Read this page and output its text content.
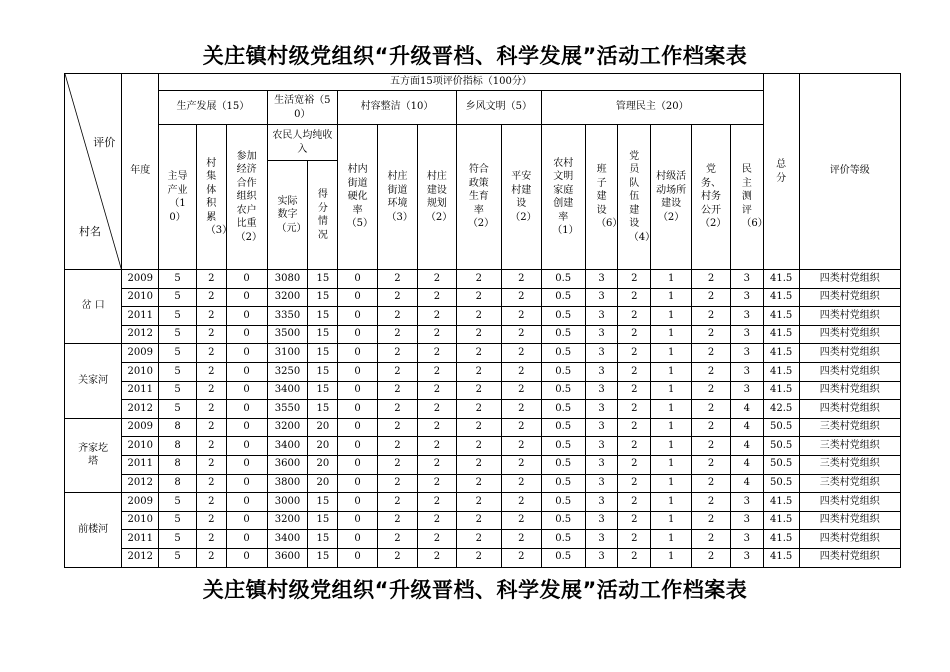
关庄镇村级党组织“升级晋档、科学发展”活动工作档案表
评价
村名	年度	五方面15项评价指标（100分）																总分	评价等级
		生产发展（15）			生活宽裕（50）		村容整洁（10）			乡风文明（5）		管理民主（20）							

		主导产业（10）	村集体积累（3）	参加经济合作组织农户比重（2）	农民人均纯收入		村内街道硬化率（5）	村庄街道环境（3）	村庄建设规划（2）	符合政策生育率（2）	平安村建设（2）	农村文明家庭创建率（1）	班子建设（6）	党员队伍建设（4）	村级活动场所建设（2）	党务、村务公开（2）	民主测评（6）		

					实际数字（元）	得分情况													

岔 口	2009	5	2	0	3080	15	0	2	2	2	2	0.5	3	2	1	2	3	41.5	四类村党组织
	2010	5	2	0	3200	15	0	2	2	2	2	0.5	3	2	1	2	3	41.5	四类村党组织
	2011	5	2	0	3350	15	0	2	2	2	2	0.5	3	2	1	2	3	41.5	四类村党组织
	2012	5	2	0	3500	15	0	2	2	2	2	0.5	3	2	1	2	3	41.5	四类村党组织
关家河	2009	5	2	0	3100	15	0	2	2	2	2	0.5	3	2	1	2	3	41.5	四类村党组织
	2010	5	2	0	3250	15	0	2	2	2	2	0.5	3	2	1	2	3	41.5	四类村党组织
	2011	5	2	0	3400	15	0	2	2	2	2	0.5	3	2	1	2	3	41.5	四类村党组织
	2012	5	2	0	3550	15	0	2	2	2	2	0.5	3	2	1	2	4	42.5	四类村党组织

齐家圪塔	2009	8	2	0	3200	20	0	2	2	2	2	0.5	3	2	1	2	4	50.5	三类村党组织
	2010	8	2	0	3400	20	0	2	2	2	2	0.5	3	2	1	2	4	50.5	三类村党组织
	2011	8	2	0	3600	20	0	2	2	2	2	0.5	3	2	1	2	4	50.5	三类村党组织
	2012	8	2	0	3800	20	0	2	2	2	2	0.5	3	2	1	2	4	50.5	三类村党组织
前楼河	2009	5	2	0	3000	15	0	2	2	2	2	0.5	3	2	1	2	3	41.5	四类村党组织
	2010	5	2	0	3200	15	0	2	2	2	2	0.5	3	2	1	2	3	41.5	四类村党组织
	2011	5	2	0	3400	15	0	2	2	2	2	0.5	3	2	1	2	3	41.5	四类村党组织
	2012	5	2	0	3600	15	0	2	2	2	2	0.5	3	2	1	2	3	41.5	四类村党组织
关庄镇村级党组织“升级晋档、科学发展”活动工作档案表
